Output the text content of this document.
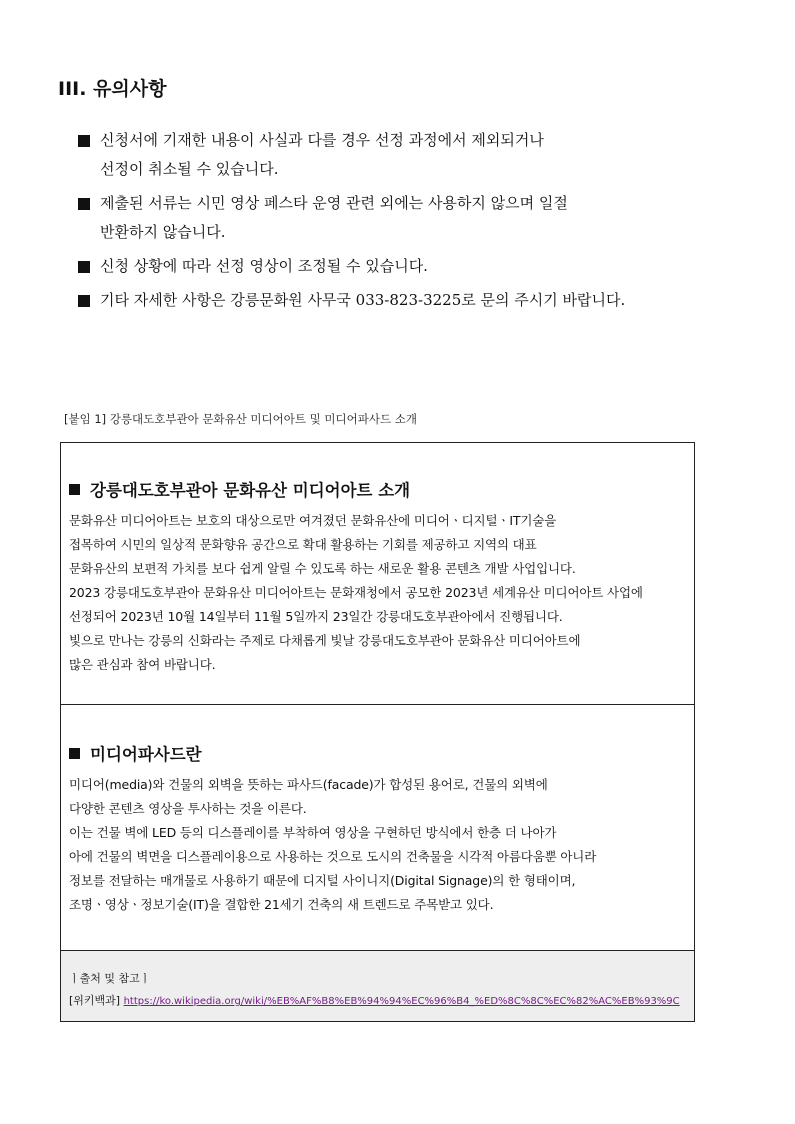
III. 유의사항
신청서에 기재한 내용이 사실과 다를 경우 선정 과정에서 제외되거나
선정이 취소될 수 있습니다.
제출된 서류는 시민 영상 페스타 운영 관련 외에는 사용하지 않으며 일절
반환하지 않습니다.
신청 상황에 따라 선정 영상이 조정될 수 있습니다.
기타 자세한 사항은 강릉문화원 사무국 033-823-3225로 문의 주시기 바랍니다.
[붙임 1] 강릉대도호부관아 문화유산 미디어아트 및 미디어파사드 소개
강릉대도호부관아 문화유산 미디어아트 소개

문화유산 미디어아트는 보호의 대상으로만 여겨졌던 문화유산에 미디어ㆍ디지털ㆍIT기술을

접목하여 시민의 일상적 문화향유 공간으로 확대 활용하는 기회를 제공하고 지역의 대표

문화유산의 보편적 가치를 보다 쉽게 알릴 수 있도록 하는 새로운 활용 콘텐츠 개발 사업입니다.

2023 강릉대도호부관아 문화유산 미디어아트는 문화재청에서 공모한 2023년 세계유산 미디어아트 사업에

선정되어 2023년 10월 14일부터 11월 5일까지 23일간 강릉대도호부관아에서 진행됩니다.

빛으로 만나는 강릉의 신화라는 주제로 다채롭게 빛날 강릉대도호부관아 문화유산 미디어아트에

많은 관심과 참여 바랍니다.

미디어파사드란

미디어(media)와 건물의 외벽을 뜻하는 파사드(facade)가 합성된 용어로, 건물의 외벽에

다양한 콘텐츠 영상을 투사하는 것을 이른다.

이는 건물 벽에 LED 등의 디스플레이를 부착하여 영상을 구현하던 방식에서 한층 더 나아가

아에 건물의 벽면을 디스플레이용으로 사용하는 것으로 도시의 건축물을 시각적 아름다움뿐 아니라

정보를 전달하는 매개물로 사용하기 때문에 디지털 사이니지(Digital Signage)의 한 형태이며,

조명ㆍ영상ㆍ정보기술(IT)을 결합한 21세기 건축의 새 트렌드로 주목받고 있다.

ㅣ출처 및 참고ㅣ
[위키백과] https://ko.wikipedia.org/wiki/%EB%AF%B8%EB%94%94%EC%96%B4_%ED%8C%8C%EC%82%AC%EB%93%9C
